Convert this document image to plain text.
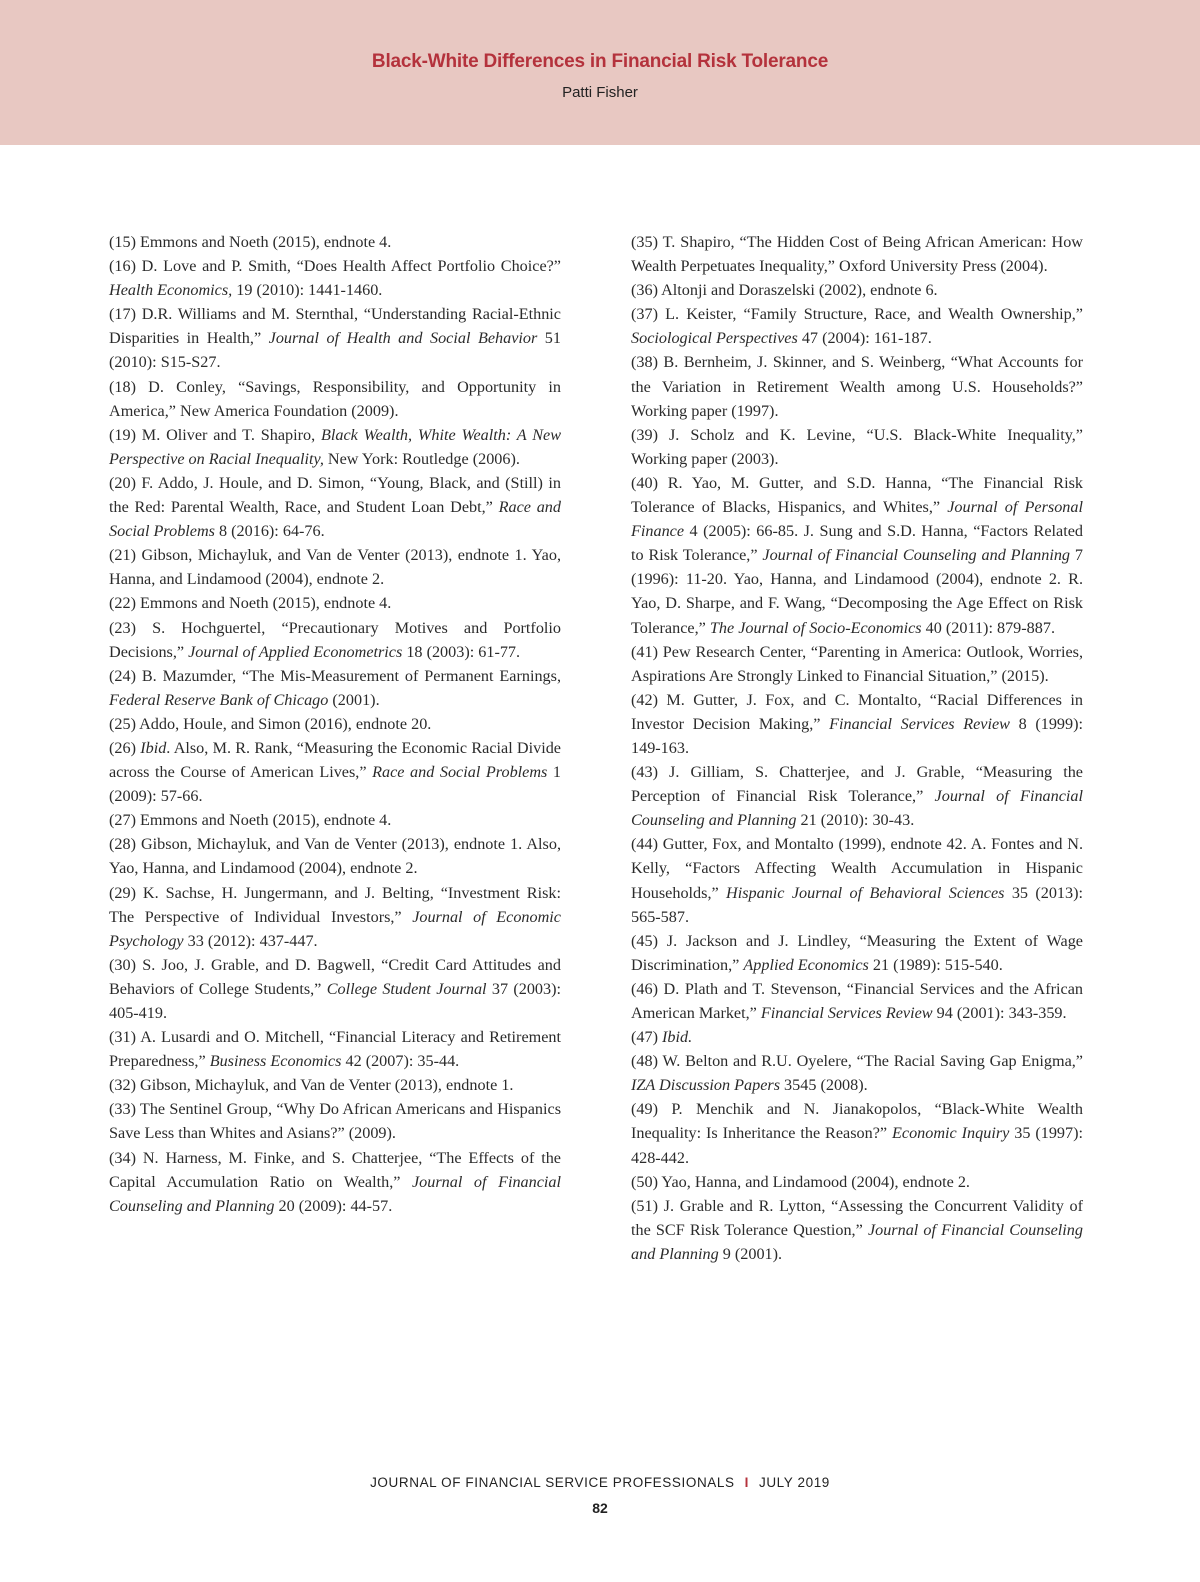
Black-White Differences in Financial Risk Tolerance
Patti Fisher

(15) Emmons and Noeth (2015), endnote 4.

(16) D. Love and P. Smith, “Does Health Affect Portfolio Choice?” Health Economics, 19 (2010): 1441-1460.

(17) D.R. Williams and M. Sternthal, “Understanding Racial-Ethnic Disparities in Health,” Journal of Health and Social Behavior 51 (2010): S15-S27.

(18) D. Conley, “Savings, Responsibility, and Opportunity in America,” New America Foundation (2009).

(19) M. Oliver and T. Shapiro, Black Wealth, White Wealth: A New Perspective on Racial Inequality, New York: Routledge (2006).

(20) F. Addo, J. Houle, and D. Simon, “Young, Black, and (Still) in the Red: Parental Wealth, Race, and Student Loan Debt,” Race and Social Problems 8 (2016): 64-76.

(21) Gibson, Michayluk, and Van de Venter (2013), endnote 1. Yao, Hanna, and Lindamood (2004), endnote 2.

(22) Emmons and Noeth (2015), endnote 4.

(23) S. Hochguertel, “Precautionary Motives and Portfolio Decisions,” Journal of Applied Econometrics 18 (2003): 61-77.

(24) B. Mazumder, “The Mis-Measurement of Permanent Earnings, Federal Reserve Bank of Chicago (2001).

(25) Addo, Houle, and Simon (2016), endnote 20.

(26) Ibid. Also, M. R. Rank, “Measuring the Economic Racial Divide across the Course of American Lives,” Race and Social Problems 1 (2009): 57-66.

(27) Emmons and Noeth (2015), endnote 4.

(28) Gibson, Michayluk, and Van de Venter (2013), endnote 1. Also, Yao, Hanna, and Lindamood (2004), endnote 2.

(29) K. Sachse, H. Jungermann, and J. Belting, “Investment Risk: The Perspective of Individual Investors,” Journal of Economic Psychology 33 (2012): 437-447.

(30) S. Joo, J. Grable, and D. Bagwell, “Credit Card Attitudes and Behaviors of College Students,” College Student Journal 37 (2003): 405-419.

(31) A. Lusardi and O. Mitchell, “Financial Literacy and Retirement Preparedness,” Business Economics 42 (2007): 35-44.

(32) Gibson, Michayluk, and Van de Venter (2013), endnote 1.

(33) The Sentinel Group, “Why Do African Americans and Hispanics Save Less than Whites and Asians?” (2009).

(34) N. Harness, M. Finke, and S. Chatterjee, “The Effects of the Capital Accumulation Ratio on Wealth,” Journal of Financial Counseling and Planning 20 (2009): 44-57.

(35) T. Shapiro, “The Hidden Cost of Being African American: How Wealth Perpetuates Inequality,” Oxford University Press (2004).

(36) Altonji and Doraszelski (2002), endnote 6.

(37) L. Keister, “Family Structure, Race, and Wealth Ownership,” Sociological Perspectives 47 (2004): 161-187.

(38) B. Bernheim, J. Skinner, and S. Weinberg, “What Accounts for the Variation in Retirement Wealth among U.S. Households?” Working paper (1997).

(39) J. Scholz and K. Levine, “U.S. Black-White Inequality,” Working paper (2003).

(40) R. Yao, M. Gutter, and S.D. Hanna, “The Financial Risk Tolerance of Blacks, Hispanics, and Whites,” Journal of Personal Finance 4 (2005): 66-85. J. Sung and S.D. Hanna, “Factors Related to Risk Tolerance,” Journal of Financial Counseling and Planning 7 (1996): 11-20. Yao, Hanna, and Lindamood (2004), endnote 2. R. Yao, D. Sharpe, and F. Wang, “Decomposing the Age Effect on Risk Tolerance,” The Journal of Socio-Economics 40 (2011): 879-887.

(41) Pew Research Center, “Parenting in America: Outlook, Worries, Aspirations Are Strongly Linked to Financial Situation,” (2015).

(42) M. Gutter, J. Fox, and C. Montalto, “Racial Differences in Investor Decision Making,” Financial Services Review 8 (1999): 149-163.

(43) J. Gilliam, S. Chatterjee, and J. Grable, “Measuring the Perception of Financial Risk Tolerance,” Journal of Financial Counseling and Planning 21 (2010): 30-43.

(44) Gutter, Fox, and Montalto (1999), endnote 42. A. Fontes and N. Kelly, “Factors Affecting Wealth Accumulation in Hispanic Households,” Hispanic Journal of Behavioral Sciences 35 (2013): 565-587.

(45) J. Jackson and J. Lindley, “Measuring the Extent of Wage Discrimination,” Applied Economics 21 (1989): 515-540.

(46) D. Plath and T. Stevenson, “Financial Services and the African American Market,” Financial Services Review 94 (2001): 343-359.

(47) Ibid.

(48) W. Belton and R.U. Oyelere, “The Racial Saving Gap Enigma,” IZA Discussion Papers 3545 (2008).

(49) P. Menchik and N. Jianakopolos, “Black-White Wealth Inequality: Is Inheritance the Reason?” Economic Inquiry 35 (1997): 428-442.

(50) Yao, Hanna, and Lindamood (2004), endnote 2.

(51) J. Grable and R. Lytton, “Assessing the Concurrent Validity of the SCF Risk Tolerance Question,” Journal of Financial Counseling and Planning 9 (2001).

JOURNAL OF FINANCIAL SERVICE PROFESSIONALS I JULY 2019
82
